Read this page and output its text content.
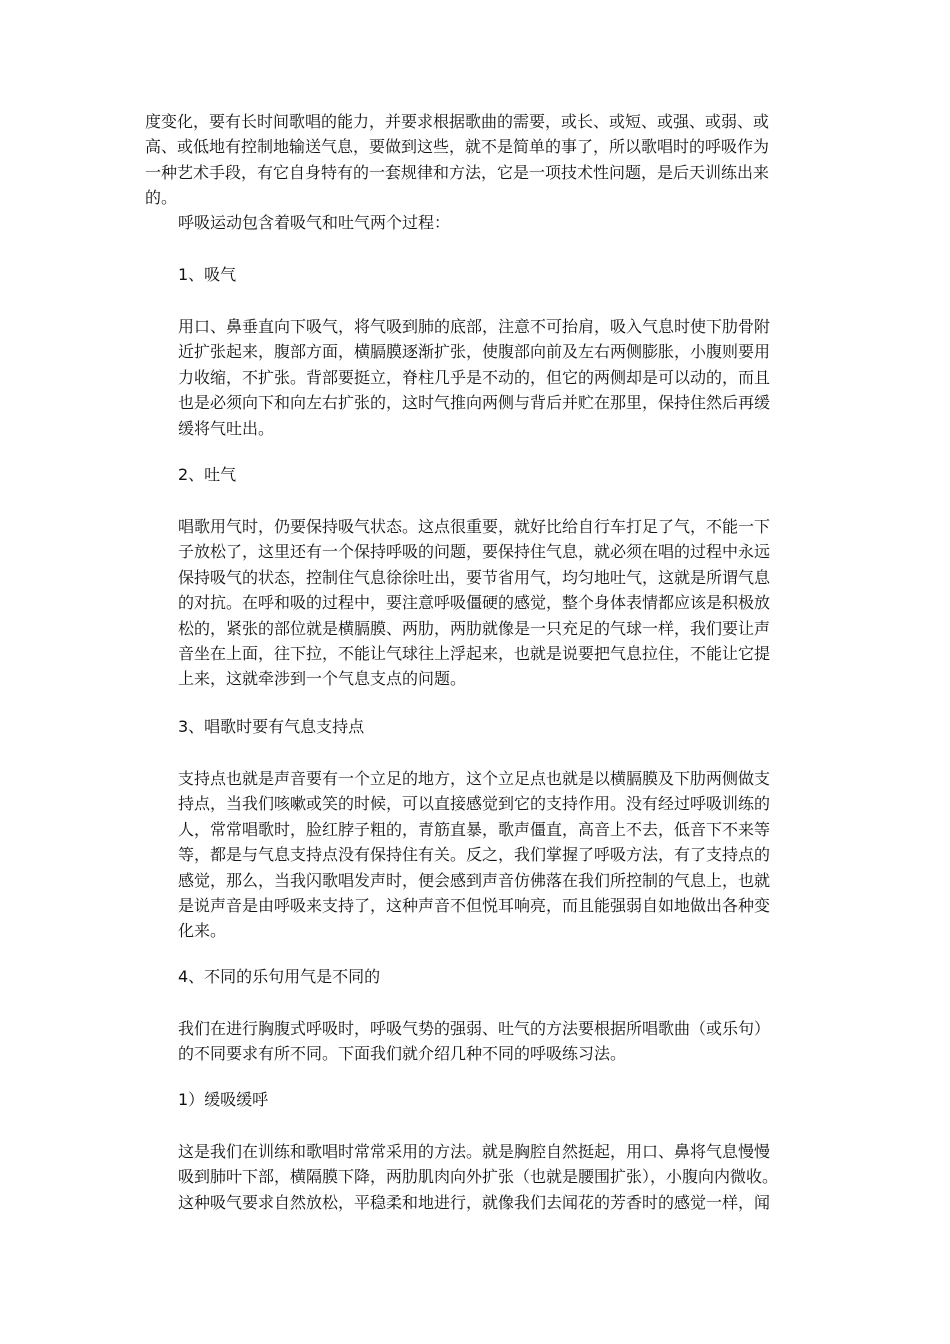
度变化，要有长时间歌唱的能力，并要求根据歌曲的需要，或长、或短、或强、或弱、或
高、或低地有控制地输送气息，要做到这些，就不是简单的事了，所以歌唱时的呼吸作为
一种艺术手段，有它自身特有的一套规律和方法，它是一项技术性问题，是后天训练出来
的。
呼吸运动包含着吸气和吐气两个过程：
1、吸气
用口、鼻垂直向下吸气，将气吸到肺的底部，注意不可抬肩，吸入气息时使下肋骨附
近扩张起来，腹部方面，横膈膜逐渐扩张，使腹部向前及左右两侧膨胀，小腹则要用
力收缩，不扩张。背部要挺立，脊柱几乎是不动的，但它的两侧却是可以动的，而且
也是必须向下和向左右扩张的，这时气推向两侧与背后并贮在那里，保持住然后再缓
缓将气吐出。
2、吐气
唱歌用气时，仍要保持吸气状态。这点很重要，就好比给自行车打足了气，不能一下
子放松了，这里还有一个保持呼吸的问题，要保持住气息，就必须在唱的过程中永远
保持吸气的状态，控制住气息徐徐吐出，要节省用气，均匀地吐气，这就是所谓气息
的对抗。在呼和吸的过程中，要注意呼吸僵硬的感觉，整个身体表情都应该是积极放
松的，紧张的部位就是横膈膜、两肋，两肋就像是一只充足的气球一样，我们要让声
音坐在上面，往下拉，不能让气球往上浮起来，也就是说要把气息拉住，不能让它提
上来，这就牵涉到一个气息支点的问题。
3、唱歌时要有气息支持点
支持点也就是声音要有一个立足的地方，这个立足点也就是以横膈膜及下肋两侧做支
持点，当我们咳嗽或笑的时候，可以直接感觉到它的支持作用。没有经过呼吸训练的
人，常常唱歌时，脸红脖子粗的，青筋直暴，歌声僵直，高音上不去，低音下不来等
等，都是与气息支持点没有保持住有关。反之，我们掌握了呼吸方法，有了支持点的
感觉，那么，当我闪歌唱发声时，便会感到声音仿佛落在我们所控制的气息上，也就
是说声音是由呼吸来支持了，这种声音不但悦耳响亮，而且能强弱自如地做出各种变
化来。
4、不同的乐句用气是不同的
我们在进行胸腹式呼吸时，呼吸气势的强弱、吐气的方法要根据所唱歌曲（或乐句）
的不同要求有所不同。下面我们就介绍几种不同的呼吸练习法。
1）缓吸缓呼
这是我们在训练和歌唱时常常采用的方法。就是胸腔自然挺起，用口、鼻将气息慢慢
吸到肺叶下部，横隔膜下降，两肋肌肉向外扩张（也就是腰围扩张），小腹向内微收。
这种吸气要求自然放松，平稳柔和地进行，就像我们去闻花的芳香时的感觉一样，闻
